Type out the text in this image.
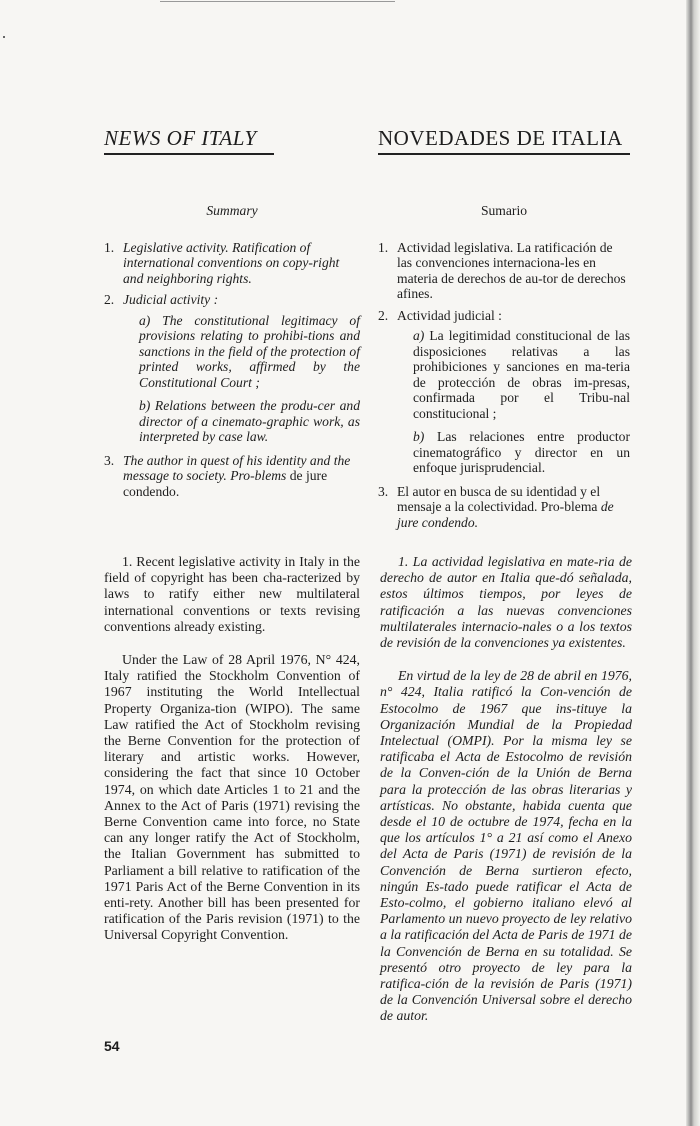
NEWS OF ITALY	NOVEDADES DE ITALIA
Summary
1. Legislative activity. Ratification of international conventions on copy-right and neighboring rights.
2. Judicial activity :
a) The constitutional legitimacy of provisions relating to prohibi-tions and sanctions in the field of the protection of printed works, affirmed by the Constitutional Court ;
b) Relations between the produ-cer and director of a cinemato-graphic work, as interpreted by case law.
3. The author in quest of his identity and the message to society. Pro-blems de jure condendo.
Sumario
1. Actividad legislativa. La ratificación de las convenciones internaciona-les en materia de derechos de au-tor de derechos afines.
2. Actividad judicial :
a) La legitimidad constitucional de las disposiciones relativas a las prohibiciones y sanciones en ma-teria de protección de obras im-presas, confirmada por el Tribu-nal constitucional ;
b) Las relaciones entre productor cinematográfico y director en un enfoque jurisprudencial.
3. El autor en busca de su identidad y el mensaje a la colectividad. Pro-blema de jure condendo.

1. Recent legislative activity in Italy in the field of copyright has been cha-racterized by laws to ratify either new multilateral international conventions or texts revising conventions already existing.

Under the Law of 28 April 1976, N° 424, Italy ratified the Stockholm Convention of 1967 instituting the World Intellectual Property Organiza-tion (WIPO). The same Law ratified the Act of Stockholm revising the Berne Convention for the protection of literary and artistic works. However, considering the fact that since 10 October 1974, on which date Articles 1 to 21 and the Annex to the Act of Paris (1971) revising the Berne Convention came into force, no State can any longer ratify the Act of Stockholm, the Italian Government has submitted to Parliament a bill relative to ratification of the 1971 Paris Act of the Berne Convention in its enti-rety. Another bill has been presented for ratification of the Paris revision (1971) to the Universal Copyright Convention.

1. La actividad legislativa en mate-ria de derecho de autor en Italia que-dó señalada, estos últimos tiempos, por leyes de ratificación a las nuevas convenciones multilaterales internacio-nales o a los textos de revisión de la convenciones ya existentes.

En virtud de la ley de 28 de abril en 1976, n° 424, Italia ratificó la Con-vención de Estocolmo de 1967 que ins-tituye la Organización Mundial de la Propiedad Intelectual (OMPI). Por la misma ley se ratificaba el Acta de Estocolmo de revisión de la Conven-ción de la Unión de Berna para la protección de las obras literarias y artísticas. No obstante, habida cuenta que desde el 10 de octubre de 1974, fecha en la que los artículos 1° a 21 así como el Anexo del Acta de Paris (1971) de revisión de la Convención de Berna surtieron efecto, ningún Es-tado puede ratificar el Acta de Esto-colmo, el gobierno italiano elevó al Parlamento un nuevo proyecto de ley relativo a la ratificación del Acta de Paris de 1971 de la Convención de Berna en su totalidad. Se presentó otro proyecto de ley para la ratifica-ción de la revisión de Paris (1971) de la Convención Universal sobre el derecho de autor.

54
